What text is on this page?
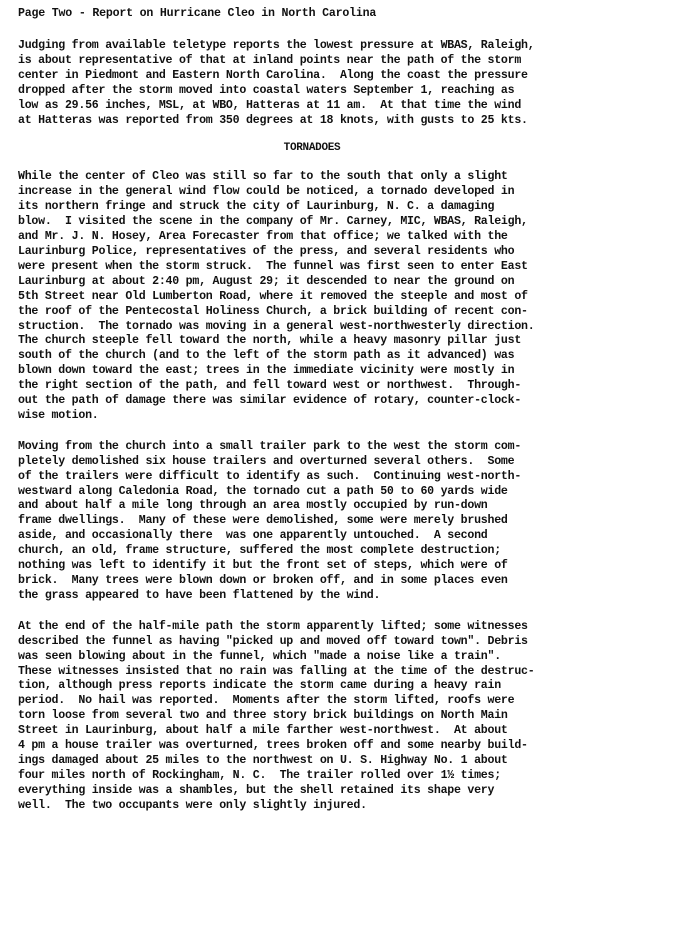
Page Two - Report on Hurricane Cleo in North Carolina
Judging from available teletype reports the lowest pressure at WBAS, Raleigh,
is about representative of that at inland points near the path of the storm
center in Piedmont and Eastern North Carolina.  Along the coast the pressure
dropped after the storm moved into coastal waters September 1, reaching as
low as 29.56 inches, MSL, at WBO, Hatteras at 11 am.  At that time the wind
at Hatteras was reported from 350 degrees at 18 knots, with gusts to 25 kts.
TORNADOES
While the center of Cleo was still so far to the south that only a slight
increase in the general wind flow could be noticed, a tornado developed in
its northern fringe and struck the city of Laurinburg, N. C. a damaging
blow.  I visited the scene in the company of Mr. Carney, MIC, WBAS, Raleigh,
and Mr. J. N. Hosey, Area Forecaster from that office; we talked with the
Laurinburg Police, representatives of the press, and several residents who
were present when the storm struck.  The funnel was first seen to enter East
Laurinburg at about 2:40 pm, August 29; it descended to near the ground on
5th Street near Old Lumberton Road, where it removed the steeple and most of
the roof of the Pentecostal Holiness Church, a brick building of recent con-
struction.  The tornado was moving in a general west-northwesterly direction.
The church steeple fell toward the north, while a heavy masonry pillar just
south of the church (and to the left of the storm path as it advanced) was
blown down toward the east; trees in the immediate vicinity were mostly in
the right section of the path, and fell toward west or northwest.  Through-
out the path of damage there was similar evidence of rotary, counter-clock-
wise motion.
Moving from the church into a small trailer park to the west the storm com-
pletely demolished six house trailers and overturned several others.  Some
of the trailers were difficult to identify as such.  Continuing west-north-
westward along Caledonia Road, the tornado cut a path 50 to 60 yards wide
and about half a mile long through an area mostly occupied by run-down
frame dwellings.  Many of these were demolished, some were merely brushed
aside, and occasionally there  was one apparently untouched.  A second
church, an old, frame structure, suffered the most complete destruction;
nothing was left to identify it but the front set of steps, which were of
brick.  Many trees were blown down or broken off, and in some places even
the grass appeared to have been flattened by the wind.
At the end of the half-mile path the storm apparently lifted; some witnesses
described the funnel as having "picked up and moved off toward town". Debris
was seen blowing about in the funnel, which "made a noise like a train".
These witnesses insisted that no rain was falling at the time of the destruc-
tion, although press reports indicate the storm came during a heavy rain
period.  No hail was reported.  Moments after the storm lifted, roofs were
torn loose from several two and three story brick buildings on North Main
Street in Laurinburg, about half a mile farther west-northwest.  At about
4 pm a house trailer was overturned, trees broken off and some nearby build-
ings damaged about 25 miles to the northwest on U. S. Highway No. 1 about
four miles north of Rockingham, N. C.  The trailer rolled over 1½ times;
everything inside was a shambles, but the shell retained its shape very
well.  The two occupants were only slightly injured.
